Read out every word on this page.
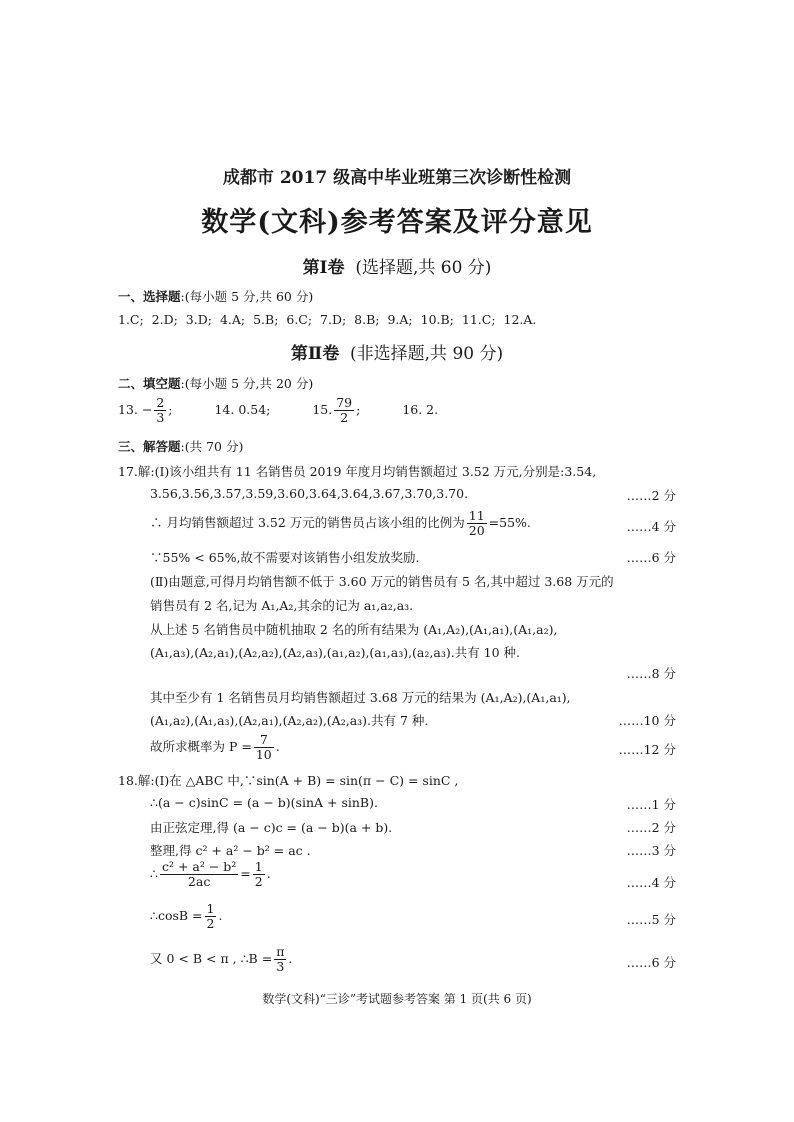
成都市 2017 级高中毕业班第三次诊断性检测
数学(文科)参考答案及评分意见
第Ⅰ卷 (选择题,共 60 分)
一、选择题:(每小题 5 分,共 60 分)
1.C; 2.D; 3.D; 4.A; 5.B; 6.C; 7.D; 8.B; 9.A; 10.B; 11.C; 12.A.
第Ⅱ卷 (非选择题,共 90 分)
二、填空题:(每小题 5 分,共 20 分)
13. − $\frac{2}{3}$ ;	14. 0.54;	15. $\frac{79}{2}$ ;	16. 2.
三、解答题:(共 70 分)
17.解:(Ⅰ)该小组共有 11 名销售员 2019 年度月均销售额超过 3.52 万元,分别是:3.54,
3.56,3.56,3.57,3.59,3.60,3.64,3.64,3.67,3.70,3.70.	……2 分
∴ 月均销售额超过 3.52 万元的销售员占该小组的比例为 $\frac{11}{20} =55\%$.	……4 分
∵55% < 65%,故不需要对该销售小组发放奖励.	……6 分
(Ⅱ)由题意,可得月均销售额不低于 3.60 万元的销售员有 5 名,其中超过 3.68 万元的
销售员有 2 名,记为 A₁,A₂,其余的记为 a₁,a₂,a₃.
从上述 5 名销售员中随机抽取 2 名的所有结果为 (A₁,A₂),(A₁,a₁),(A₁,a₂),
(A₁,a₃),(A₂,a₁),(A₂,a₂),(A₂,a₃),(a₁,a₂),(a₁,a₃),(a₂,a₃).共有 10 种.
……8 分
其中至少有 1 名销售员月均销售额超过 3.68 万元的结果为 (A₁,A₂),(A₁,a₁),
(A₁,a₂),(A₁,a₃),(A₂,a₁),(A₂,a₂),(A₂,a₃).共有 7 种.	……10 分
故所求概率为 $P = \frac{7}{10}$ .	……12 分
18.解:(Ⅰ)在 △ABC 中,∵sin(A + B) = sin(π − C) = sinC ,
∴(a − c)sinC = (a − b)(sinA + sinB).	……1 分
由正弦定理,得 (a − c)c = (a − b)(a + b).	……2 分
整理,得 c² + a² − b² = ac .	……3 分
∴ $\frac{\text{c² + a² − b²}}{2ac} = \frac{1}{2}$ .
……4 分
∴cosB = $\frac{1}{2}$ .	……5 分
又 0 < B < π , ∴B = $\frac{\pi}{3}$ .	……6 分
数学(文科)“三诊”考试题参考答案 第 1 页(共 6 页)
